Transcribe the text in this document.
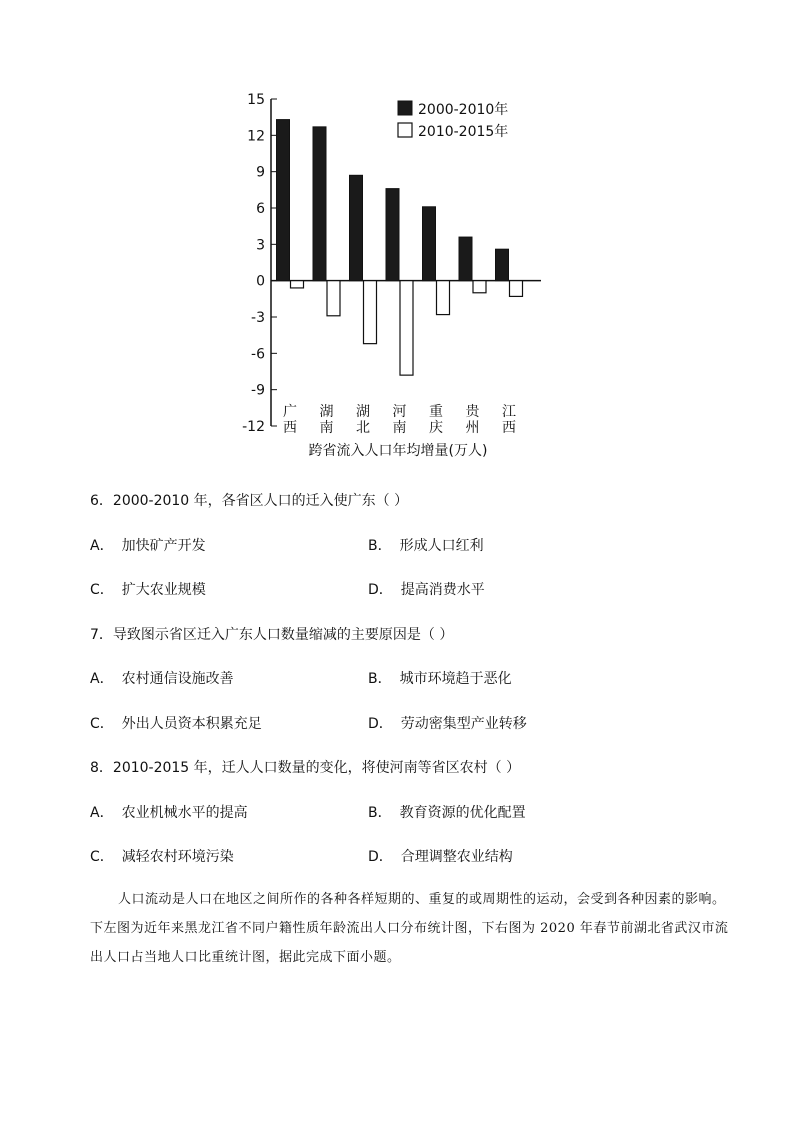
15
12
9
6
3
0
-3
-6
-9
-12
广
西
湖
南
湖
北
河
南
重
庆
贵
州
江
西
跨省流入人口年均增量(万人)
2000-2010年
2010-2015年

6．2000-2010 年，各省区人口的迁入使广东（ ）

A． 加快矿产开发	B． 形成人口红利

C． 扩大农业规模	D． 提高消费水平

7．导致图示省区迁入广东人口数量缩减的主要原因是（ ）

A． 农村通信设施改善	B． 城市环境趋于恶化

C． 外出人员资本积累充足	D． 劳动密集型产业转移

8．2010-2015 年，迁人人口数量的变化，将使河南等省区农村（ ）

A． 农业机械水平的提高	B． 教育资源的优化配置

C． 减轻农村环境污染	D． 合理调整农业结构

人口流动是人口在地区之间所作的各种各样短期的、重复的或周期性的运动，会受到各种因素的影响。下左图为近年来黑龙江省不同户籍性质年龄流出人口分布统计图，下右图为 2020 年春节前湖北省武汉市流出人口占当地人口比重统计图，据此完成下面小题。
